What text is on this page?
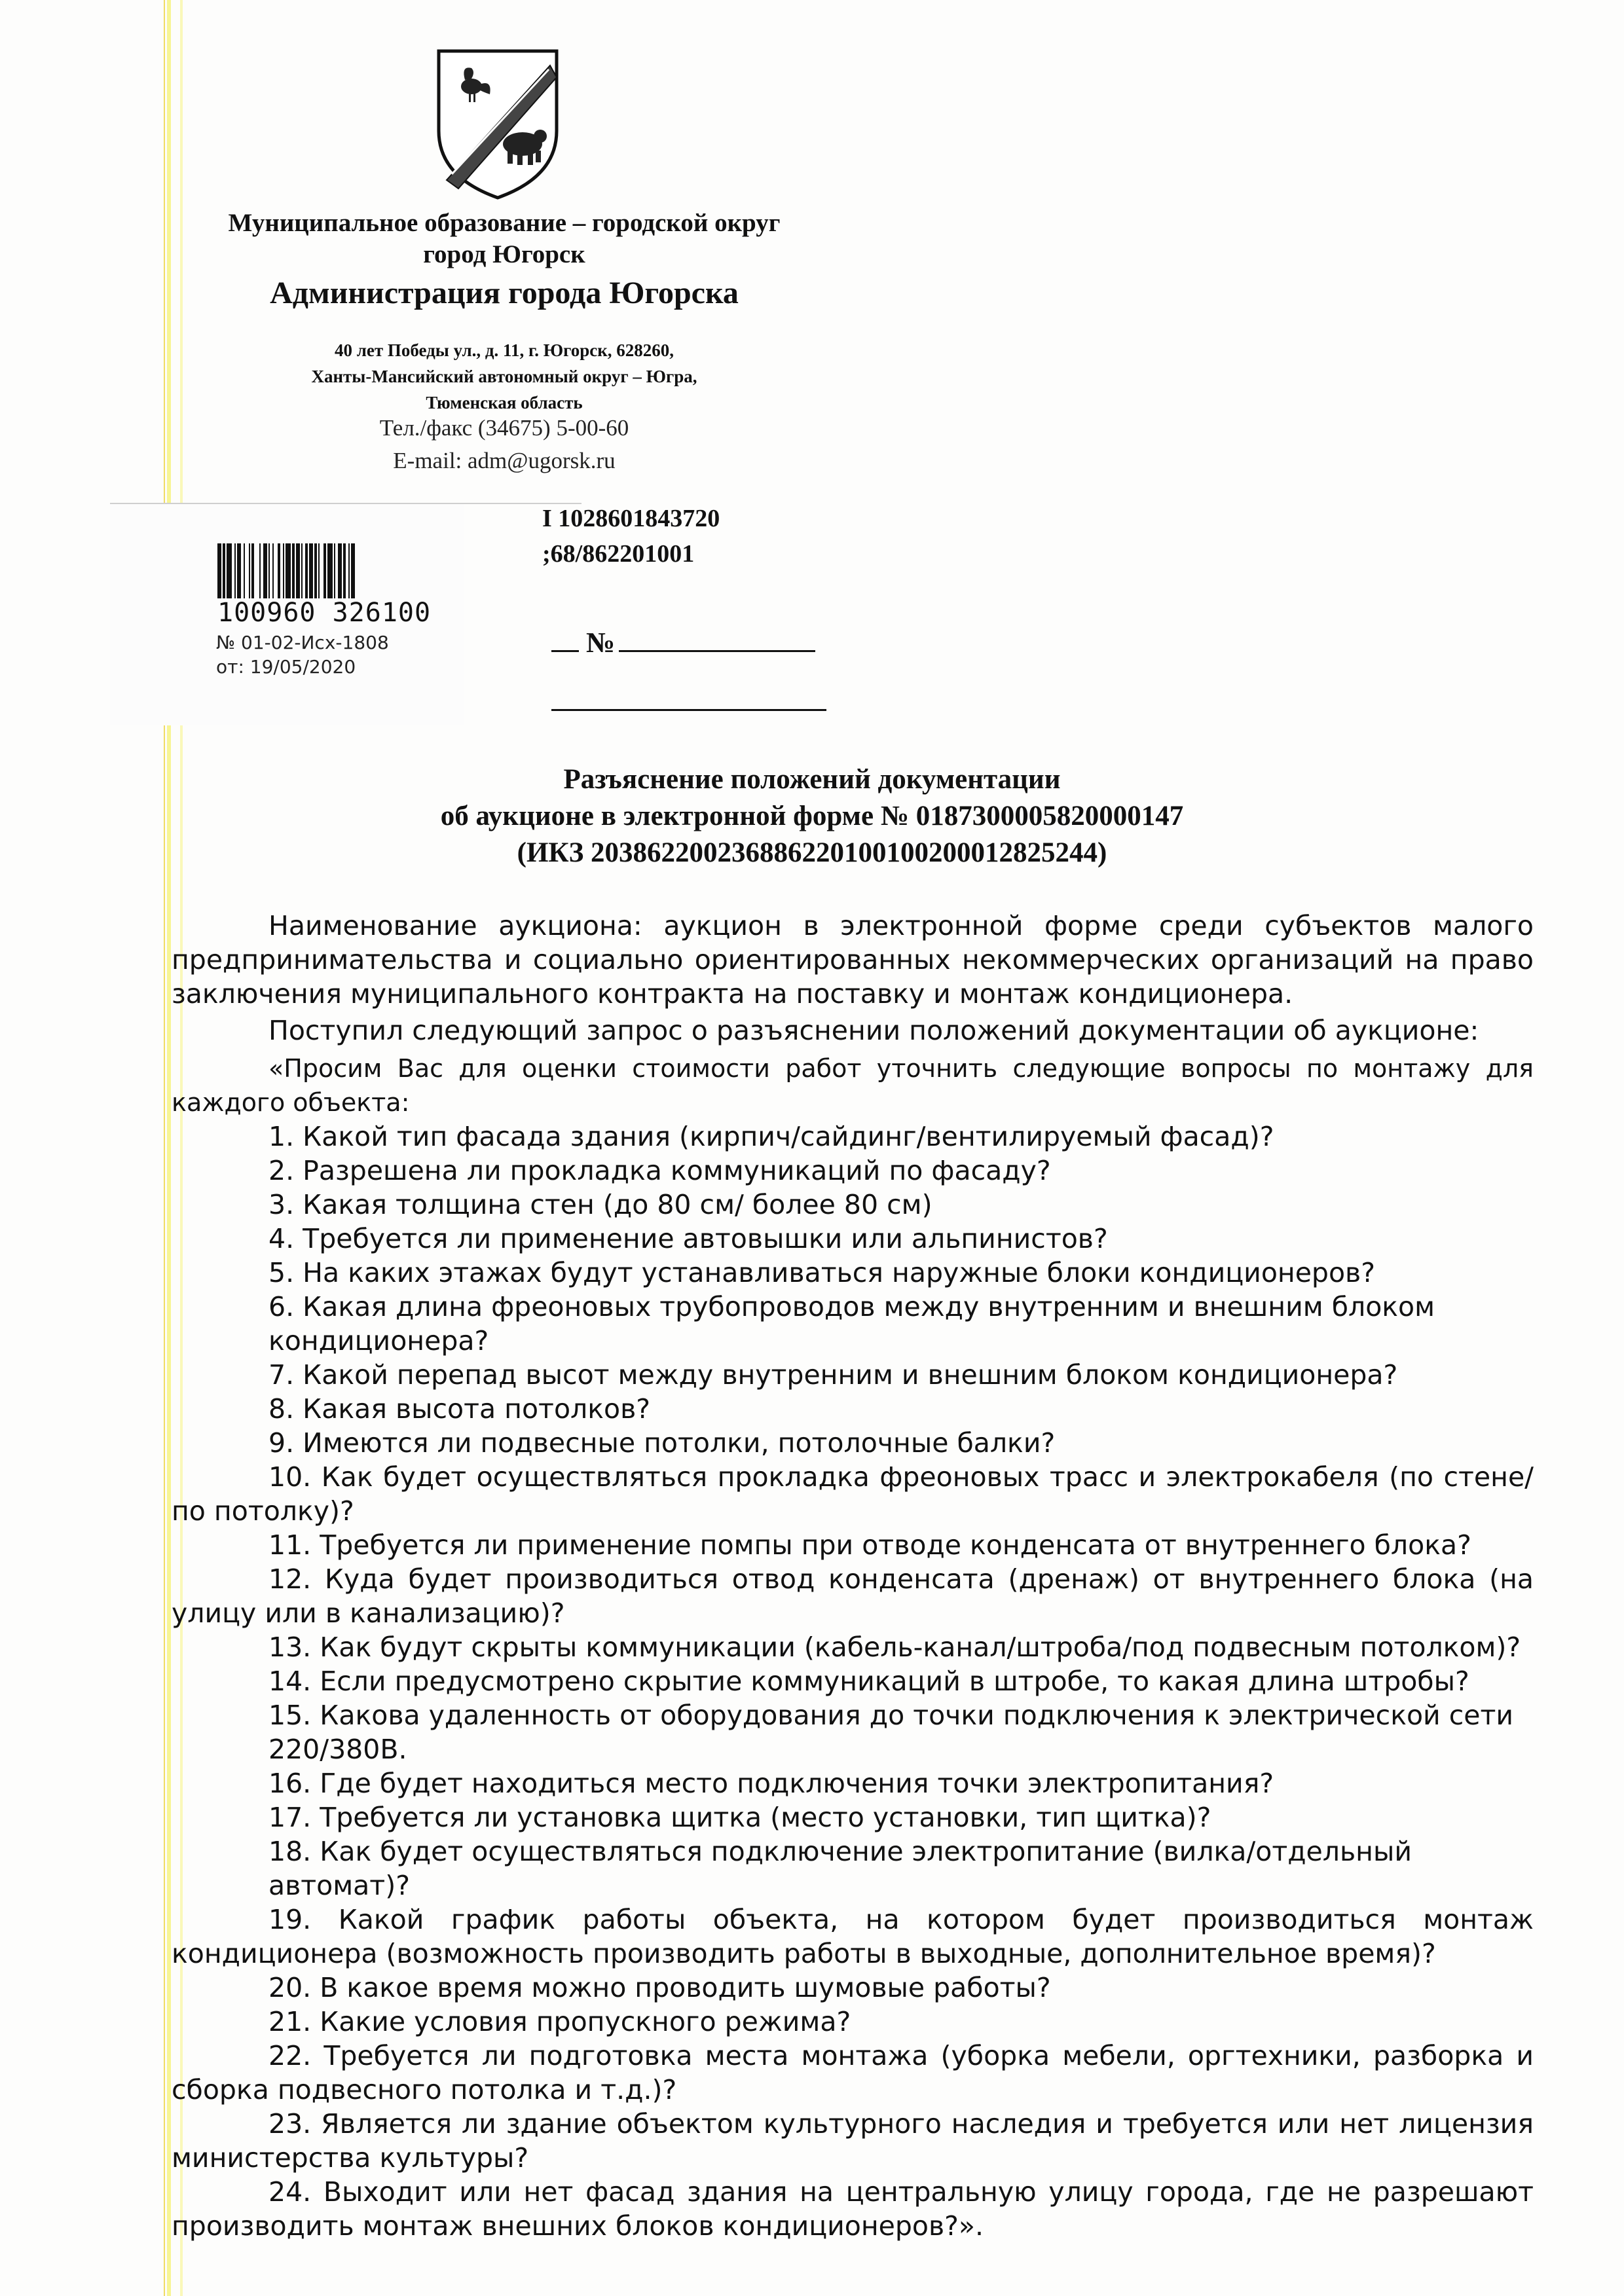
Муниципальное образование – городской округ
город Югорск
Администрация города Югорска
40 лет Победы ул., д. 11, г. Югорск, 628260,
Ханты-Мансийский автономный округ – Югра,
Тюменская область
Тел./факс (34675) 5-00-60
E-mail: adm@ugorsk.ru
І 1028601843720
;68/862201001
100960 326100
№ 01-02-Исх-1808
от: 19/05/2020
№
Разъяснение положений документации
об аукционе в электронной форме № 0187300005820000147
(ИКЗ 203862200236886220100100200012825244)
Наименование аукциона: аукцион в электронной форме среди субъектов малого предпринимательства и социально ориентированных некоммерческих организаций на право заключения муниципального контракта на поставку и монтаж кондиционера.
Поступил следующий запрос о разъяснении положений документации об аукционе:
«Просим Вас для оценки стоимости работ уточнить следующие вопросы по монтажу для каждого объекта:
1. Какой тип фасада здания (кирпич/сайдинг/вентилируемый фасад)?
2. Разрешена ли прокладка коммуникаций по фасаду?
3. Какая толщина стен (до 80 см/ более 80 см)
4. Требуется ли применение автовышки или альпинистов?
5. На каких этажах будут устанавливаться наружные блоки кондиционеров?
6. Какая длина фреоновых трубопроводов между внутренним и внешним блоком кондиционера?
7. Какой перепад высот между внутренним и внешним блоком кондиционера?
8. Какая высота потолков?
9. Имеются ли подвесные потолки, потолочные балки?
10. Как будет осуществляться прокладка фреоновых трасс и электрокабеля (по стене/по потолку)?
11. Требуется ли применение помпы при отводе конденсата от внутреннего блока?
12. Куда будет производиться отвод конденсата (дренаж) от внутреннего блока (на улицу или в канализацию)?
13. Как будут скрыты коммуникации (кабель-канал/штроба/под подвесным потолком)?
14. Если предусмотрено скрытие коммуникаций в штробе, то какая длина штробы?
15. Какова удаленность от оборудования до точки подключения к электрической сети 220/380В.
16. Где будет находиться место подключения точки электропитания?
17. Требуется ли установка щитка (место установки, тип щитка)?
18. Как будет осуществляться подключение электропитание (вилка/отдельный автомат)?
19. Какой график работы объекта, на котором будет производиться монтаж кондиционера (возможность производить работы в выходные, дополнительное время)?
20. В какое время можно проводить шумовые работы?
21. Какие условия пропускного режима?
22. Требуется ли подготовка места монтажа (уборка мебели, оргтехники, разборка и сборка подвесного потолка и т.д.)?
23. Является ли здание объектом культурного наследия и требуется или нет лицензия министерства культуры?
24. Выходит или нет фасад здания на центральную улицу города, где не разрешают производить монтаж внешних блоков кондиционеров?».
